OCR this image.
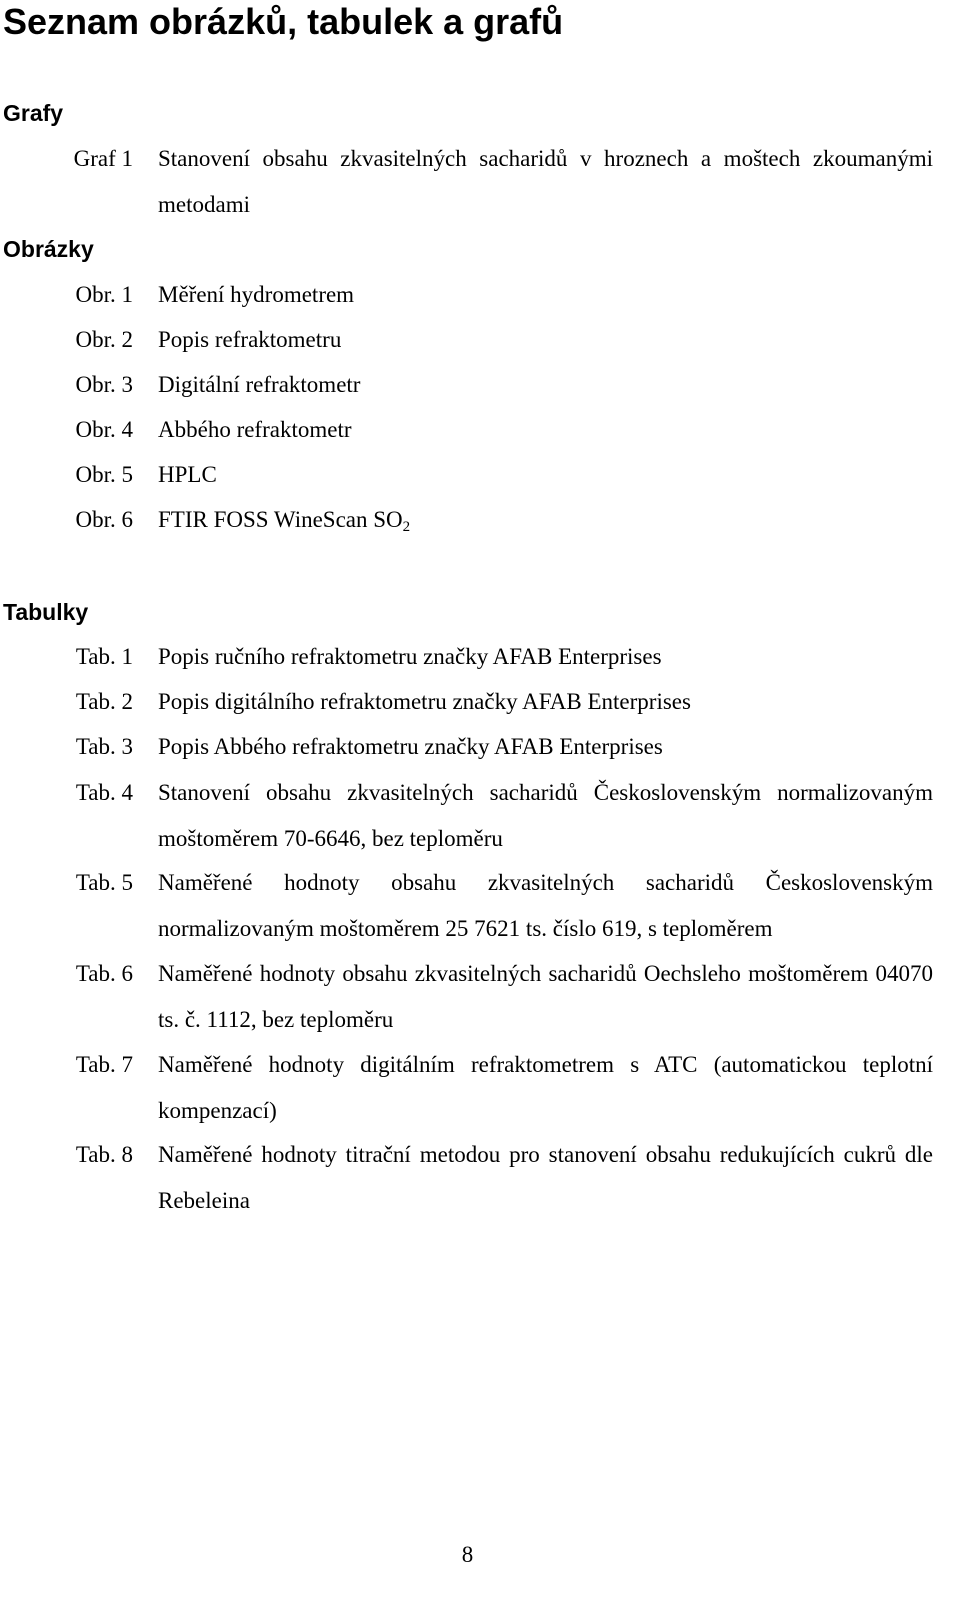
Seznam obrázků, tabulek a grafů
Grafy
Graf 1 Stanovení obsahu zkvasitelných sacharidů v hroznech a moštech zkoumanými metodami
Obrázky
Obr. 1 Měření hydrometrem
Obr. 2 Popis refraktometru
Obr. 3 Digitální refraktometr
Obr. 4 Abbého refraktometr
Obr. 5 HPLC
Obr. 6 FTIR FOSS WineScan $SO_2$
Tabulky
Tab. 1 Popis ručního refraktometru značky AFAB Enterprises
Tab. 2 Popis digitálního refraktometru značky AFAB Enterprises
Tab. 3 Popis Abbého refraktometru značky AFAB Enterprises
Tab. 4 Stanovení obsahu zkvasitelných sacharidů Československým normalizovaným moštoměrem 70-6646, bez teploměru
Tab. 5 Naměřené hodnoty obsahu zkvasitelných sacharidů Československým normalizovaným moštoměrem 25 7621 ts. číslo 619, s teploměrem
Tab. 6 Naměřené hodnoty obsahu zkvasitelných sacharidů Oechsleho moštoměrem 04070 ts. č. 1112, bez teploměru
Tab. 7 Naměřené hodnoty digitálním refraktometrem s ATC (automatickou teplotní kompenzací)
Tab. 8 Naměřené hodnoty titrační metodou pro stanovení obsahu redukujících cukrů dle Rebeleina
8
